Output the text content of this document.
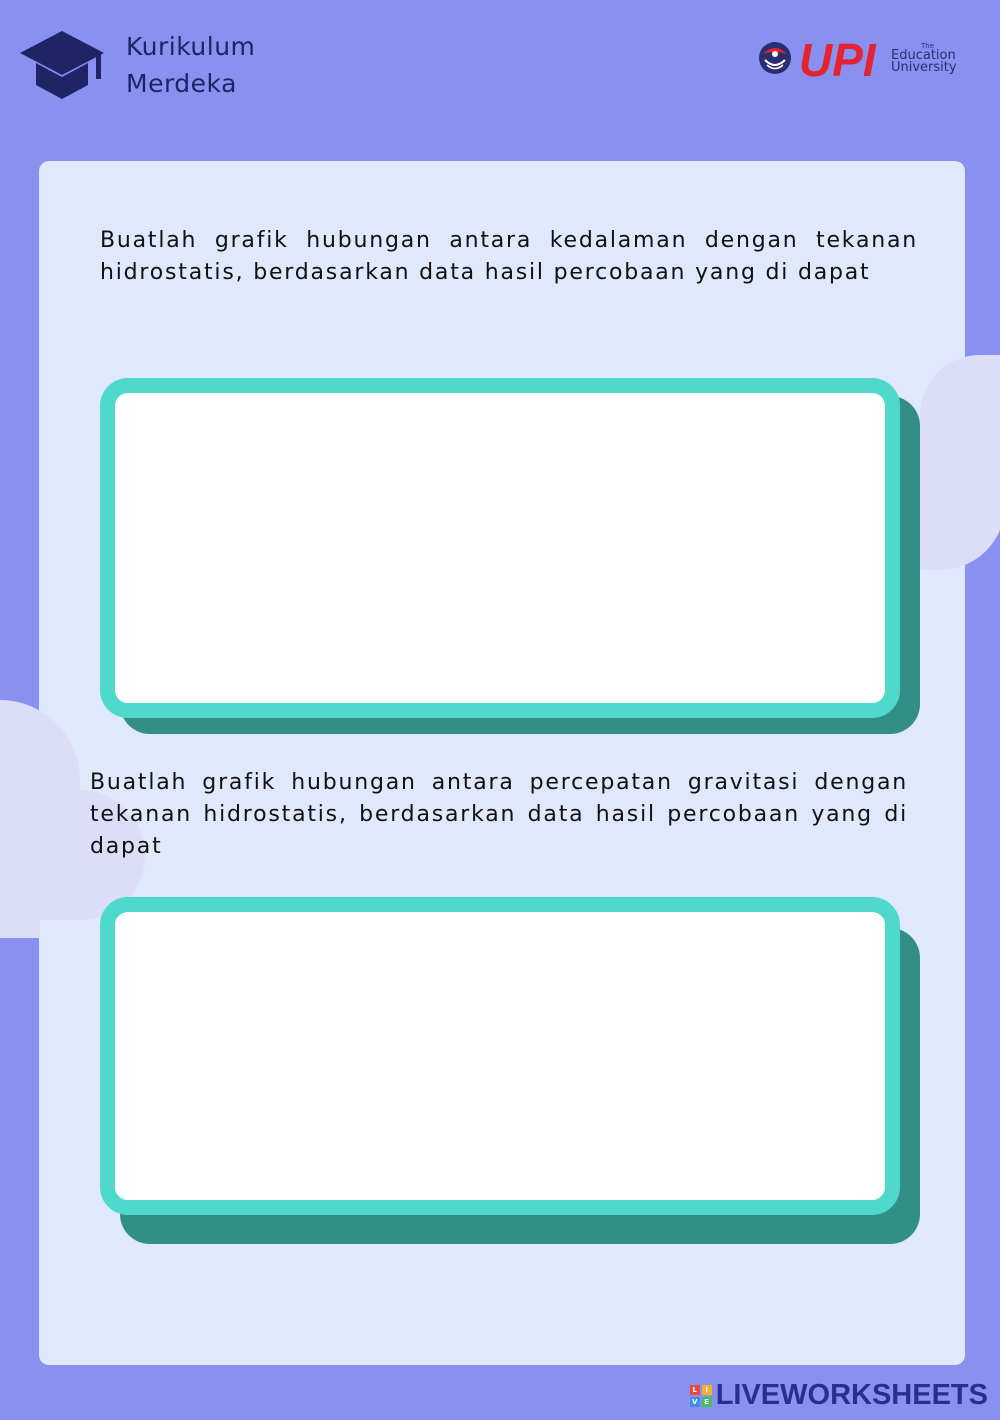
Kurikulum
Merdeka	UPI	The
Education
University
Buatlah grafik hubungan antara kedalaman dengan tekanan hidrostatis, berdasarkan data hasil percobaan yang di dapat
Buatlah grafik hubungan antara percepatan gravitasi dengan tekanan hidrostatis, berdasarkan data hasil percobaan yang di dapat
L	I
V E LIVEWORKSHEETS
